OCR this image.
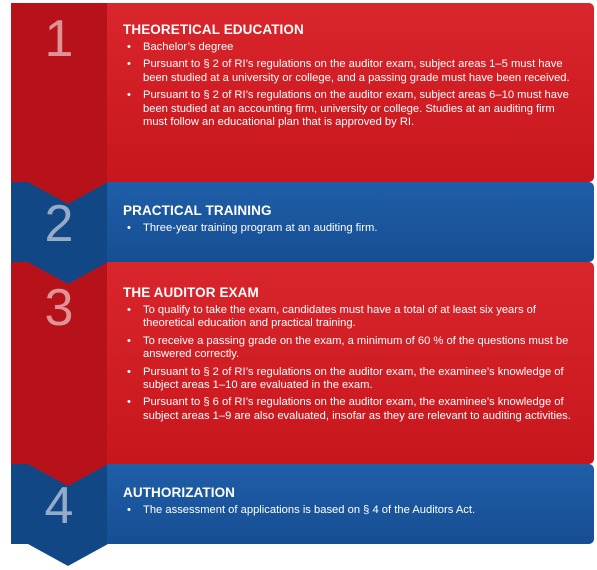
1	THEORETICAL EDUCATION
• Bachelor’s degree
• Pursuant to § 2 of RI’s regulations on the auditor exam, subject areas 1–5 must have been studied at a university or college, and a passing grade must have been received.
• Pursuant to § 2 of RI’s regulations on the auditor exam, subject areas 6–10 must have been studied at an accounting firm, university or college. Studies at an auditing firm must follow an educational plan that is approved by RI.
2	PRACTICAL TRAINING
• Three-year training program at an auditing firm.
3	THE AUDITOR EXAM
• To qualify to take the exam, candidates must have a total of at least six years of theoretical education and practical training.
• To receive a passing grade on the exam, a minimum of 60 % of the questions must be answered correctly.
• Pursuant to § 2 of RI’s regulations on the auditor exam, the examinee’s knowledge of subject areas 1–10 are evaluated in the exam.
• Pursuant to § 6 of RI’s regulations on the auditor exam, the examinee’s knowledge of subject areas 1–9 are also evaluated, insofar as they are relevant to auditing activities.
4	AUTHORIZATION
• The assessment of applications is based on § 4 of the Auditors Act.
